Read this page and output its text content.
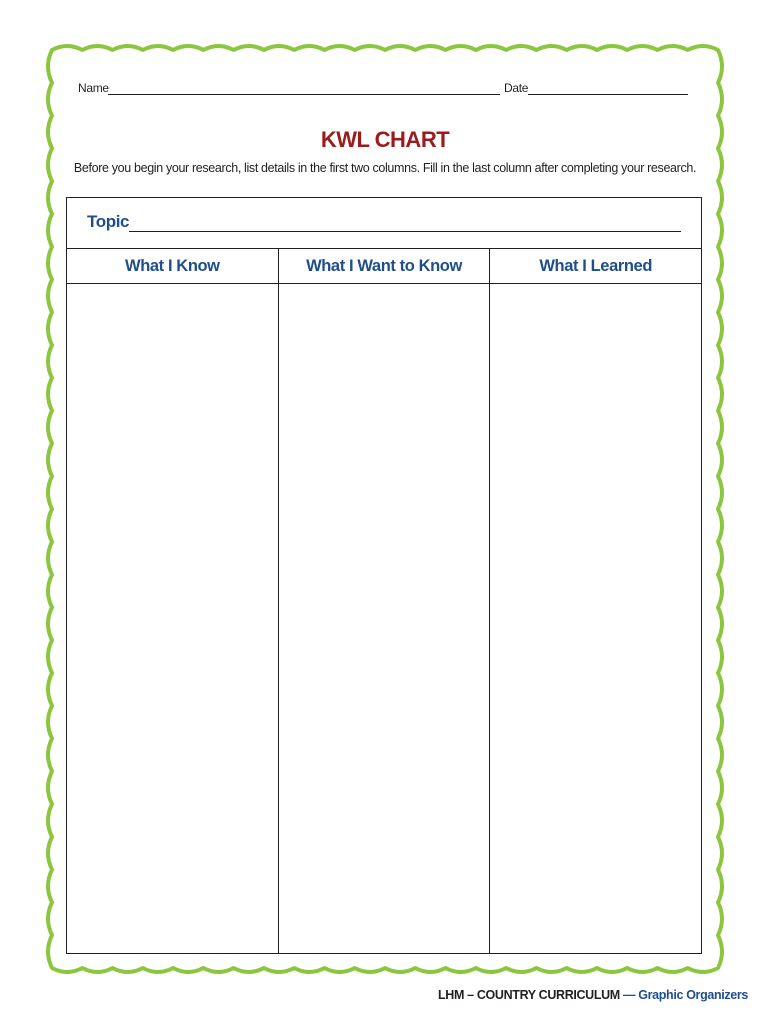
Name	Date
KWL CHART
Before you begin your research, list details in the first two columns. Fill in the last column after completing your research.
Topic
What I Know	What I Want to Know	What I Learned
LHM – COUNTRY CURRICULUM — Graphic Organizers
